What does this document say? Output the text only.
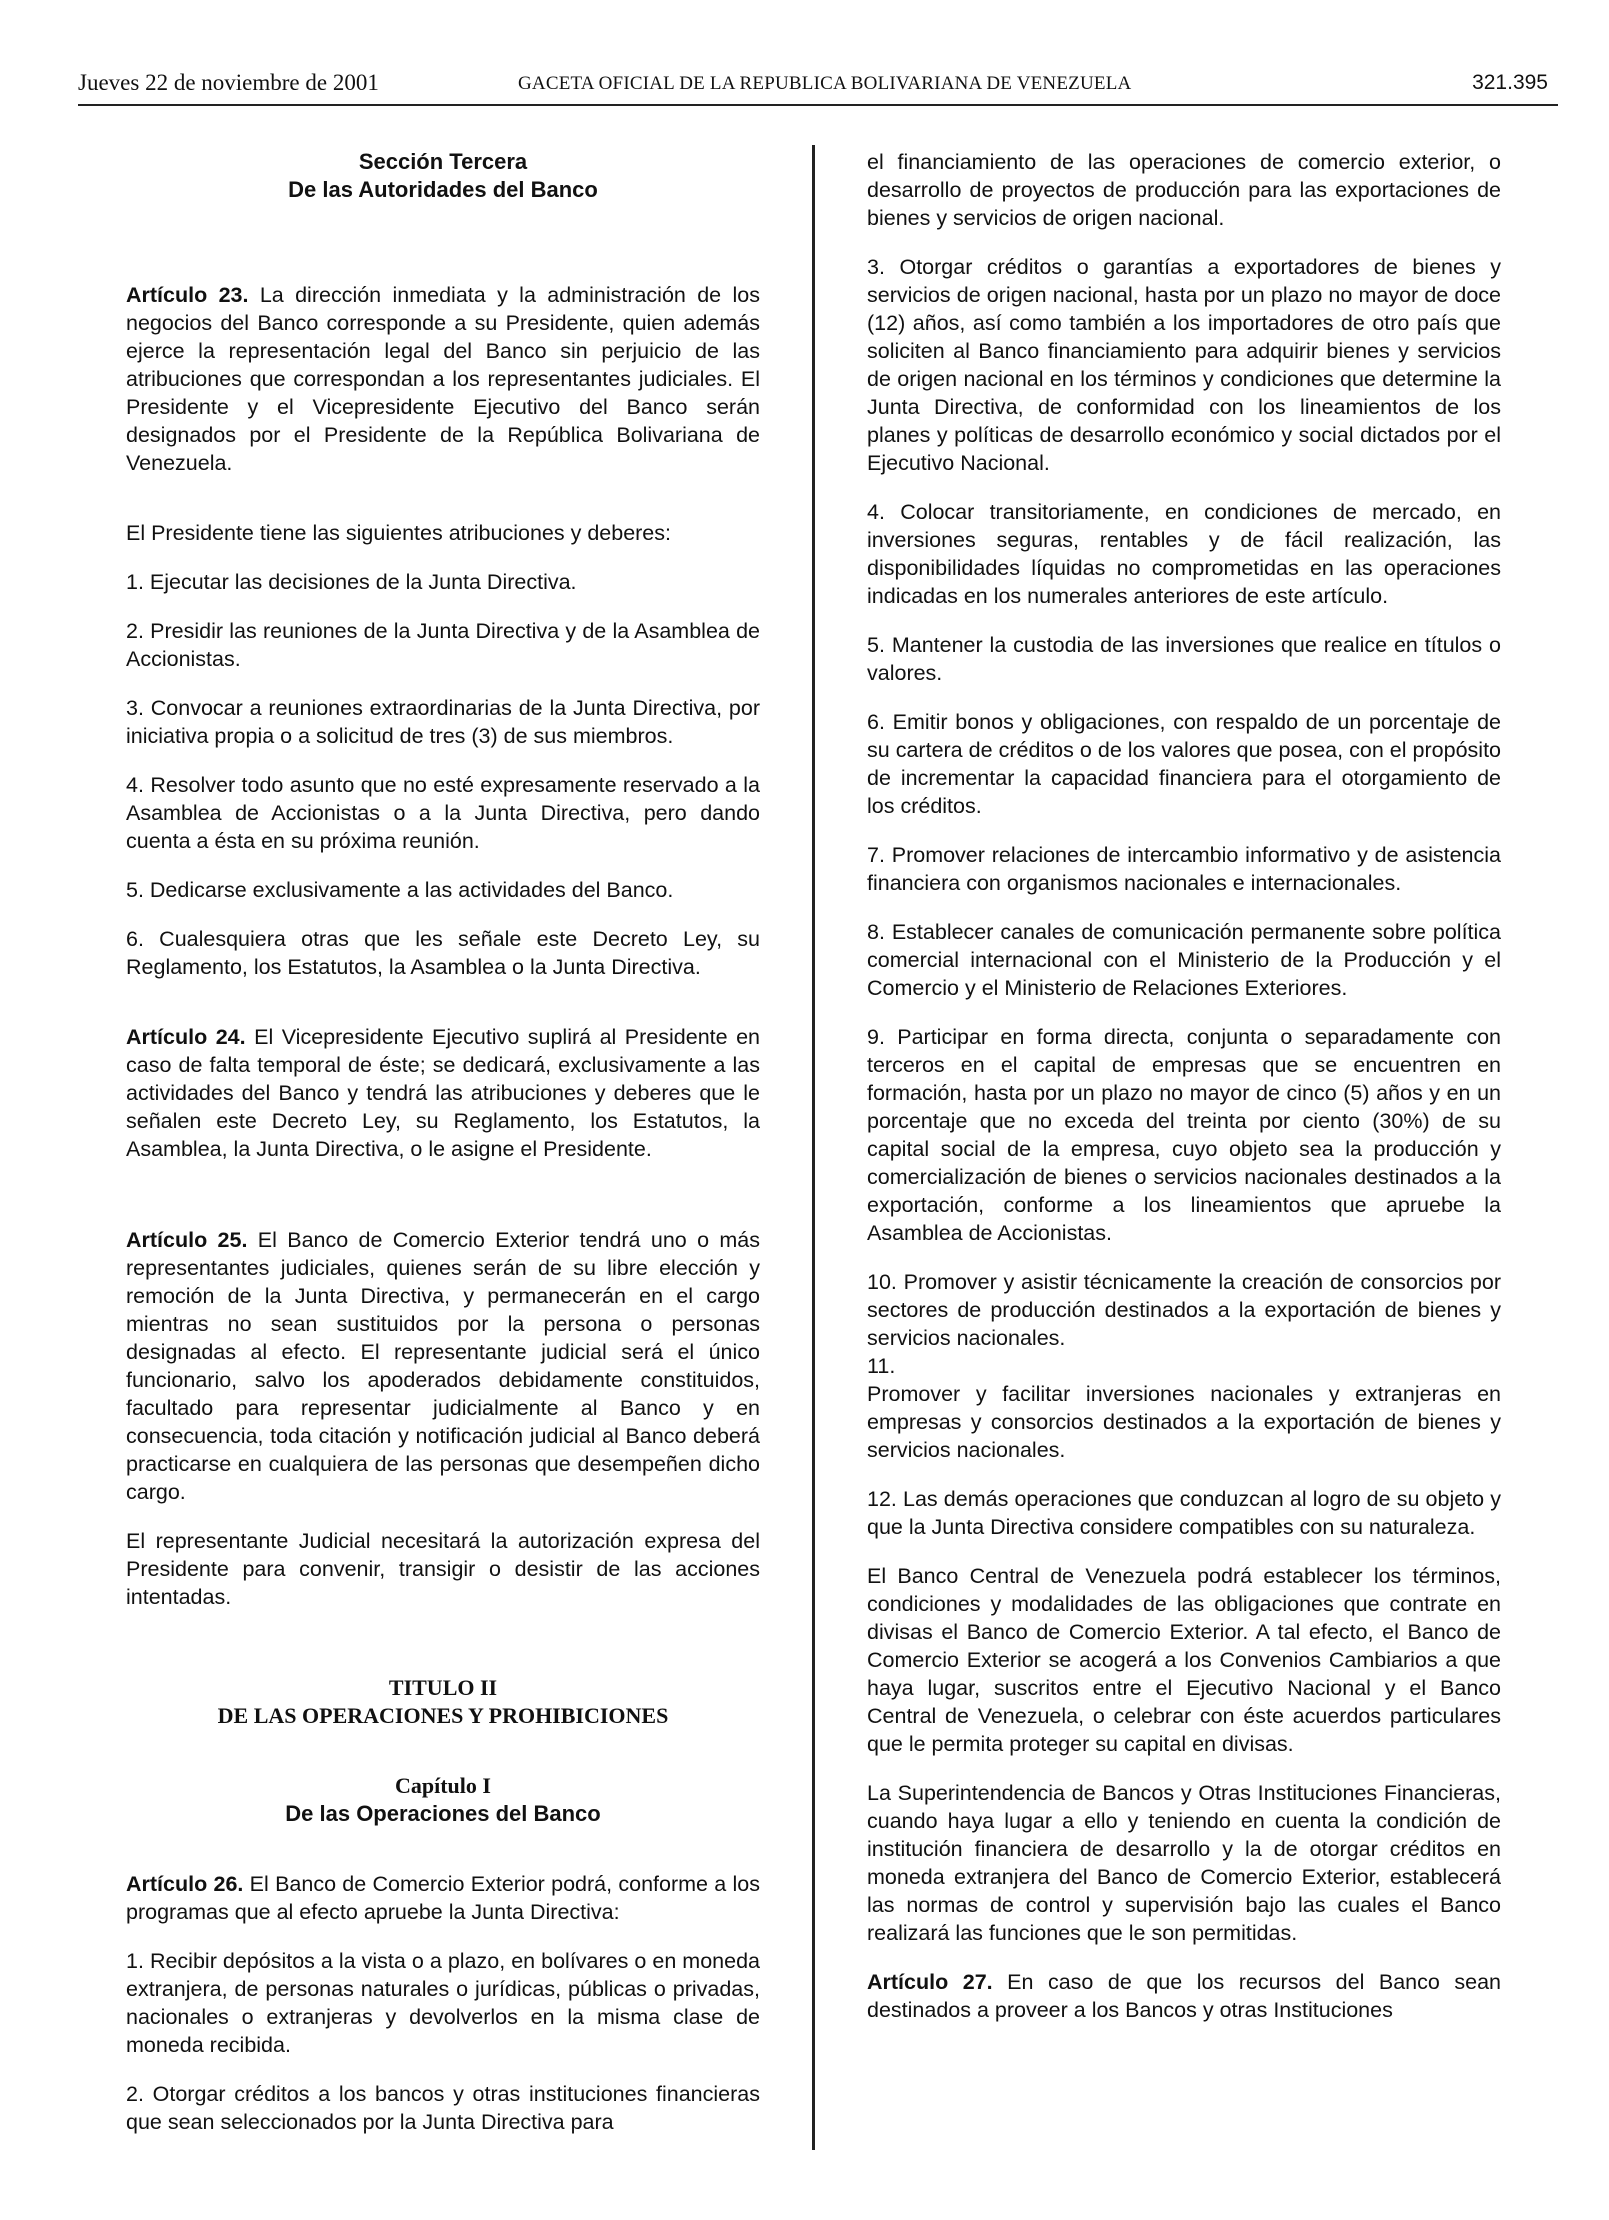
Jueves 22 de noviembre de 2001	GACETA OFICIAL DE LA REPUBLICA BOLIVARIANA DE VENEZUELA	321.395

Sección Tercera

De las Autoridades del Banco

Artículo 23. La dirección inmediata y la administración de los negocios del Banco corresponde a su Presidente, quien además ejerce la representación legal del Banco sin perjuicio de las atribuciones que correspondan a los representantes judiciales. El Presidente y el Vicepresidente Ejecutivo del Banco serán designados por el Presidente de la República Bolivariana de Venezuela.

El Presidente tiene las siguientes atribuciones y deberes:

1. Ejecutar las decisiones de la Junta Directiva.

2. Presidir las reuniones de la Junta Directiva y de la Asamblea de Accionistas.

3. Convocar a reuniones extraordinarias de la Junta Directiva, por iniciativa propia o a solicitud de tres (3) de sus miembros.

4. Resolver todo asunto que no esté expresamente reservado a la Asamblea de Accionistas o a la Junta Directiva, pero dando cuenta a ésta en su próxima reunión.

5. Dedicarse exclusivamente a las actividades del Banco.

6. Cualesquiera otras que les señale este Decreto Ley, su Reglamento, los Estatutos, la Asamblea o la Junta Directiva.

Artículo 24. El Vicepresidente Ejecutivo suplirá al Presidente en caso de falta temporal de éste; se dedicará, exclusivamente a las actividades del Banco y tendrá las atribuciones y deberes que le señalen este Decreto Ley, su Reglamento, los Estatutos, la Asamblea, la Junta Directiva, o le asigne el Presidente.

Artículo 25. El Banco de Comercio Exterior tendrá uno o más representantes judiciales, quienes serán de su libre elección y remoción de la Junta Directiva, y permanecerán en el cargo mientras no sean sustituidos por la persona o personas designadas al efecto. El representante judicial será el único funcionario, salvo los apoderados debidamente constituidos, facultado para representar judicialmente al Banco y en consecuencia, toda citación y notificación judicial al Banco deberá practicarse en cualquiera de las personas que desempeñen dicho cargo.

El representante Judicial necesitará la autorización expresa del Presidente para convenir, transigir o desistir de las acciones intentadas.

TITULO II

DE LAS OPERACIONES Y PROHIBICIONES

Capítulo I

De las Operaciones del Banco

Artículo 26. El Banco de Comercio Exterior podrá, conforme a los programas que al efecto apruebe la Junta Directiva:

1. Recibir depósitos a la vista o a plazo, en bolívares o en moneda extranjera, de personas naturales o jurídicas, públicas o privadas, nacionales o extranjeras y devolverlos en la misma clase de moneda recibida.

2. Otorgar créditos a los bancos y otras instituciones financieras que sean seleccionados por la Junta Directiva para

el financiamiento de las operaciones de comercio exterior, o desarrollo de proyectos de producción para las exportaciones de bienes y servicios de origen nacional.

3. Otorgar créditos o garantías a exportadores de bienes y servicios de origen nacional, hasta por un plazo no mayor de doce (12) años, así como también a los importadores de otro país que soliciten al Banco financiamiento para adquirir bienes y servicios de origen nacional en los términos y condiciones que determine la Junta Directiva, de conformidad con los lineamientos de los planes y políticas de desarrollo económico y social dictados por el Ejecutivo Nacional.

4. Colocar transitoriamente, en condiciones de mercado, en inversiones seguras, rentables y de fácil realización, las disponibilidades líquidas no comprometidas en las operaciones indicadas en los numerales anteriores de este artículo.

5. Mantener la custodia de las inversiones que realice en títulos o valores.

6. Emitir bonos y obligaciones, con respaldo de un porcentaje de su cartera de créditos o de los valores que posea, con el propósito de incrementar la capacidad financiera para el otorgamiento de los créditos.

7. Promover relaciones de intercambio informativo y de asistencia financiera con organismos nacionales e internacionales.

8. Establecer canales de comunicación permanente sobre política comercial internacional con el Ministerio de la Producción y el Comercio y el Ministerio de Relaciones Exteriores.

9. Participar en forma directa, conjunta o separadamente con terceros en el capital de empresas que se encuentren en formación, hasta por un plazo no mayor de cinco (5) años y en un porcentaje que no exceda del treinta por ciento (30%) de su capital social de la empresa, cuyo objeto sea la producción y comercialización de bienes o servicios nacionales destinados a la exportación, conforme a los lineamientos que apruebe la Asamblea de Accionistas.

10. Promover y asistir técnicamente la creación de consorcios por sectores de producción destinados a la exportación de bienes y servicios nacionales.

11.

Promover y facilitar inversiones nacionales y extranjeras en empresas y consorcios destinados a la exportación de bienes y servicios nacionales.

12. Las demás operaciones que conduzcan al logro de su objeto y que la Junta Directiva considere compatibles con su naturaleza.

El Banco Central de Venezuela podrá establecer los términos, condiciones y modalidades de las obligaciones que contrate en divisas el Banco de Comercio Exterior. A tal efecto, el Banco de Comercio Exterior se acogerá a los Convenios Cambiarios a que haya lugar, suscritos entre el Ejecutivo Nacional y el Banco Central de Venezuela, o celebrar con éste acuerdos particulares que le permita proteger su capital en divisas.

La Superintendencia de Bancos y Otras Instituciones Financieras, cuando haya lugar a ello y teniendo en cuenta la condición de institución financiera de desarrollo y la de otorgar créditos en moneda extranjera del Banco de Comercio Exterior, establecerá las normas de control y supervisión bajo las cuales el Banco realizará las funciones que le son permitidas.

Artículo 27. En caso de que los recursos del Banco sean destinados a proveer a los Bancos y otras Instituciones
